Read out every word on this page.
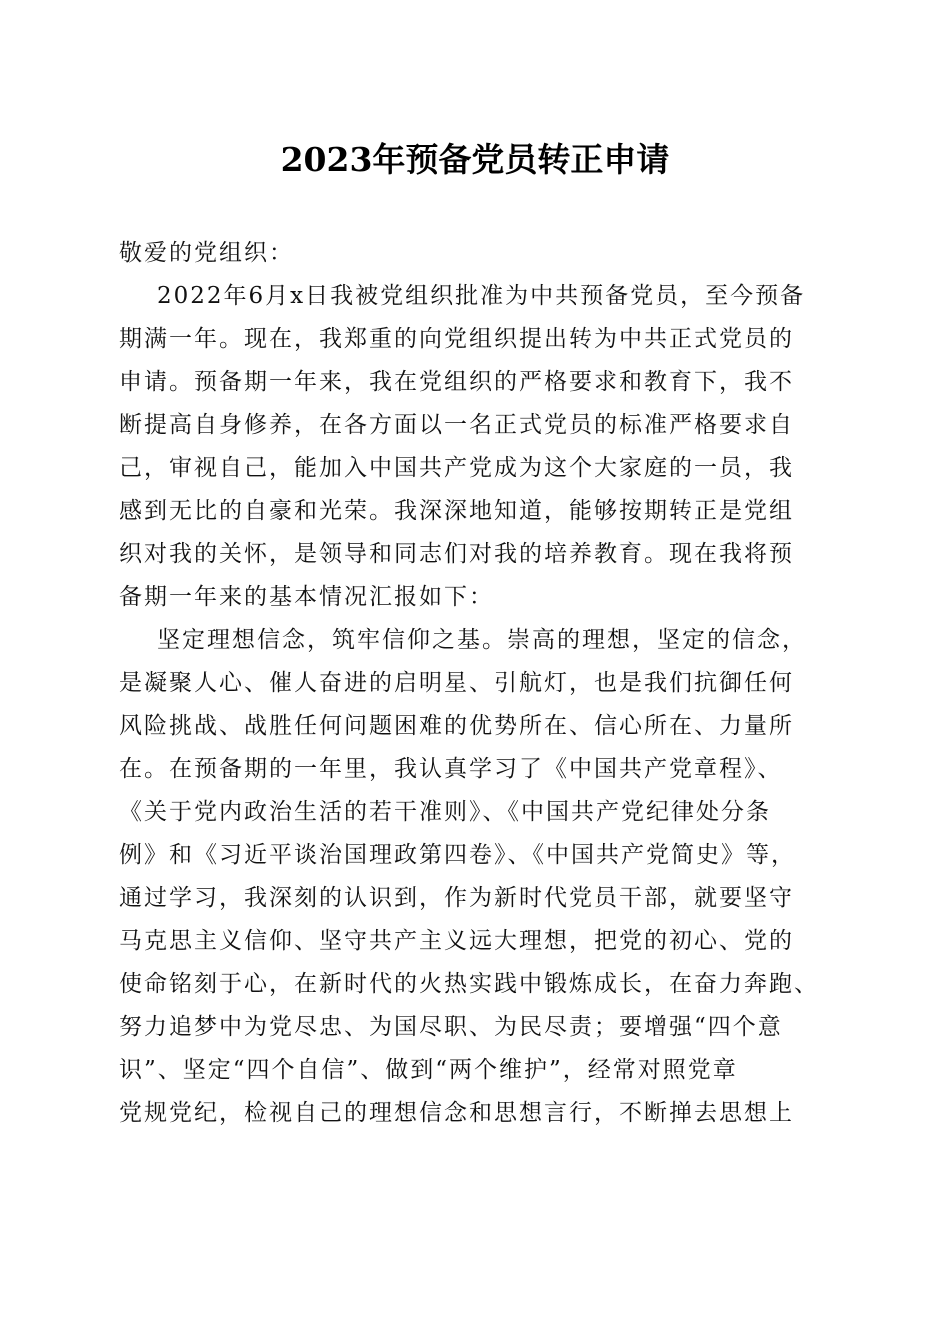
2023年预备党员转正申请
敬爱的党组织：
2022年6月x日我被党组织批准为中共预备党员，至今预备
期满一年。现在，我郑重的向党组织提出转为中共正式党员的
申请。预备期一年来，我在党组织的严格要求和教育下，我不
断提高自身修养，在各方面以一名正式党员的标准严格要求自
己，审视自己，能加入中国共产党成为这个大家庭的一员，我
感到无比的自豪和光荣。我深深地知道，能够按期转正是党组
织对我的关怀，是领导和同志们对我的培养教育。现在我将预
备期一年来的基本情况汇报如下：
坚定理想信念，筑牢信仰之基。崇高的理想，坚定的信念，
是凝聚人心、催人奋进的启明星、引航灯，也是我们抗御任何
风险挑战、战胜任何问题困难的优势所在、信心所在、力量所
在。在预备期的一年里，我认真学习了《中国共产党章程》、
《关于党内政治生活的若干准则》、《中国共产党纪律处分条
例》和《习近平谈治国理政第四卷》、《中国共产党简史》等，
通过学习，我深刻的认识到，作为新时代党员干部，就要坚守
马克思主义信仰、坚守共产主义远大理想，把党的初心、党的
使命铭刻于心，在新时代的火热实践中锻炼成长，在奋力奔跑、
努力追梦中为党尽忠、为国尽职、为民尽责；要增强“四个意
识”、坚定“四个自信”、做到“两个维护”，经常对照党章
党规党纪，检视自己的理想信念和思想言行，不断掸去思想上
